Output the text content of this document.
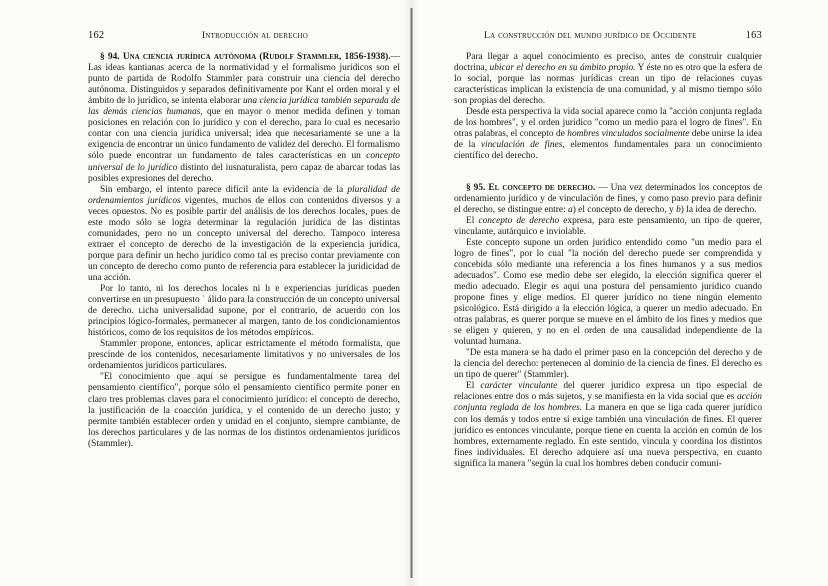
162	Introducción al derecho

§ 94. Una ciencia jurídica autónoma (Rudolf Stammler, 1856-1938).— Las ideas kantianas acerca de la normatividad y el formalismo jurídicos son el punto de partida de Rodolfo Stammler para construir una ciencia del derecho autónoma. Distinguidos y separados definitivamente por Kant el orden moral y el ámbito de lo jurídico, se intenta elaborar una ciencia jurídica también separada de las demás ciencias humanas, que en mayor o menor medida definen y toman posiciones en relación con lo jurídico y con el derecho, para lo cual es necesario contar con una ciencia jurídica universal; idea que necesariamente se une a la exigencia de encontrar un único fundamento de validez del derecho. El formalismo sólo puede encontrar un fundamento de tales características en un concepto universal de lo jurídico distinto del iusnaturalista, pero capaz de abarcar todas las posibles expresiones del derecho.

Sin embargo, el intento parece difícil ante la evidencia de la pluralidad de ordenamientos jurídicos vigentes, muchos de ellos con contenidos diversos y a veces opuestos. No es posible partir del análisis de los derechos locales, pues de este modo sólo se logra determinar la regulación jurídica de las distintas comunidades, pero no un concepto universal del derecho. Tampoco interesa extraer el concepto de derecho de la investigación de la experiencia jurídica, porque para definir un hecho jurídico como tal es preciso contar previamente con un concepto de derecho como punto de referencia para establecer la juridicidad de una acción.

Por lo tanto, ni los derechos locales ni lı ɐ experiencias jurídicas pueden convertirse en un presupuesto ˙ álido para la construcción de un concepto universal de derecho. ʟicha universalidad supone, por el contrario, de acuerdo con los principios lógico-formales, permanecer al margen, tanto de los condicionamientos históricos, como de los requisitos de los métodos empíricos.

Stammler propone, entonces, aplicar estrictamente el método formalista, que prescinde de los contenidos, necesariamente limitativos y no universales de los ordenamientos jurídicos particulares.

"El conocimiento que aquí se persigue es fundamentalmente tarea del pensamiento científico", porque sólo el pensamiento científico permite poner en claro tres problemas claves para el conocimiento jurídico: el concepto de derecho, la justificación de la coacción jurídica, y el contenido de un derecho justo; y permite también establecer orden y unidad en el conjunto, siempre cambiante, de los derechos particulares y de las normas de los distintos ordenamientos jurídicos (Stammler).

La construcción del mundo jurídico de Occidente	163

Para llegar a aquel conocimiento es preciso, antes de construir cualquier doctrina, ubicar el derecho en su ámbito propio. Y éste no es otro que la esfera de lo social, porque las normas jurídicas crean un tipo de relaciones cuyas características implican la existencia de una comunidad, y al mismo tiempo sólo son propias del derecho.

Desde esta perspectiva la vida social aparece como la "acción conjunta reglada de los hombres", y el orden jurídico "como un medio para el logro de fines". En otras palabras, el concepto de hombres vinculados socialmente debe unirse la idea de la vinculación de fines, elementos fundamentales para un conocimiento científico del derecho.

§ 95. El concepto de derecho. — Una vez determinados los conceptos de ordenamiento jurídico y de vinculación de fines, y como paso previo para definir el derecho, se distingue entre: a) el concepto de derecho, y b) la idea de derecho.

El concepto de derecho expresa, para este pensamiento, un tipo de querer, vinculante, autárquico e inviolable.

Este concepto supone un orden jurídico entendido como "un medio para el logro de fines", por lo cual "la noción del derecho puede ser comprendida y concebida sólo mediante una referencia a los fines humanos y a sus medios adecuados". Como ese medio debe ser elegido, la elección significa querer el medio adecuado. Elegir es aquí una postura del pensamiento jurídico cuando propone fines y elige medios. El querer jurídico no tiene ningún elemento psicológico. Está dirigido a la elección lógica, a querer un medio adecuado. En otras palabras, es querer porque se mueve en el ámbito de los fines y medios que se eligen y quieren, y no en el orden de una causalidad independiente de la voluntad humana.

"De esta manera se ha dado el primer paso en la concepción del derecho y de la ciencia del derecho: pertenecen al dominio de la ciencia de fines. El derecho es un tipo de querer" (Stammler).

El carácter vinculante del querer jurídico expresa un tipo especial de relaciones entre dos o más sujetos, y se manifiesta en la vida social que es acción conjunta reglada de los hombres. La manera en que se liga cada querer jurídico con los demás y todos entre sí exige también una vinculación de fines. El querer jurídico es entonces vinculante, porque tiene en cuenta la acción en común de los hombres, externamente reglado. En este sentido, vincula y coordina los distintos fines individuales. El derecho adquiere así una nueva perspectiva, en cuanto significa la manera "según la cual los hombres deben conducir comuni-
